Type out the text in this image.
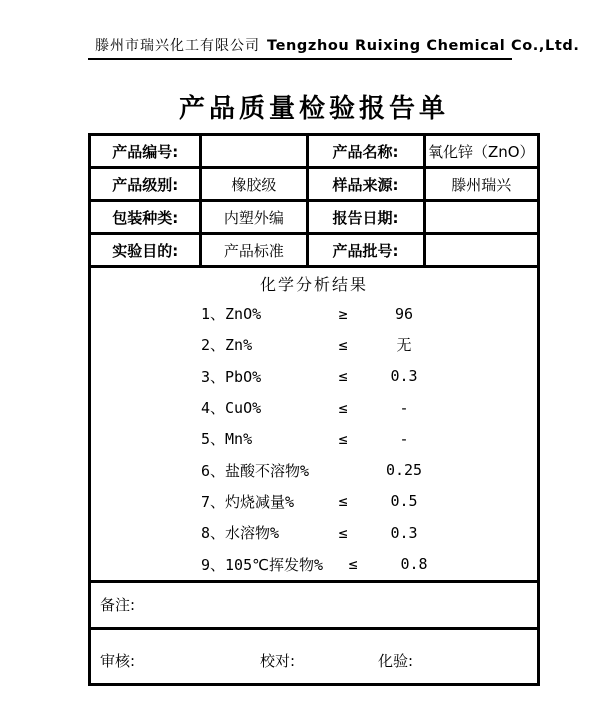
滕州市瑞兴化工有限公司 Tengzhou Ruixing Chemical Co.,Ltd.
产品质量检验报告单
产品编号:		产品名称:	氧化锌（ZnO）
产品级别:	橡胶级	样品来源:	滕州瑞兴
包装种类:	内塑外编	报告日期:	
实验目的:	产品标准	产品批号:	

化学分析结果
1、ZnO%	≥	96
2、Zn%	≤	无
3、PbO%	≤	0.3
4、CuO%	≤	-
5、Mn%	≤	-
6、盐酸不溶物%	0.25
7、灼烧减量%	≤	0.5
8、水溶物%	≤	0.3
9、105℃挥发物%	≤	0.8

备注:			

审核: 校对: 化验:			
